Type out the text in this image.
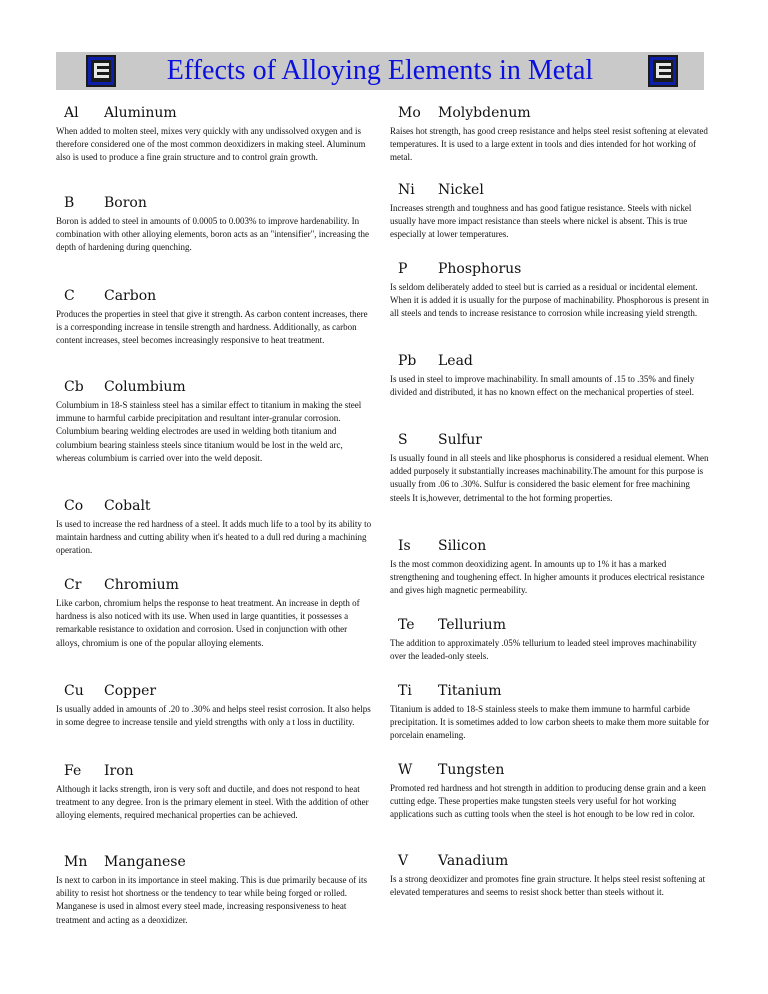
Effects of Alloying Elements in Metal
Al Aluminum
When added to molten steel, mixes very quickly with any undissolved oxygen and is therefore considered one of the most common deoxidizers in making steel. Aluminum also is used to produce a fine grain structure and to control grain growth.
B Boron
Boron is added to steel in amounts of 0.0005 to 0.003% to improve hardenability. In combination with other alloying elements, boron acts as an "intensifier", increasing the depth of hardening during quenching.
C Carbon
Produces the properties in steel that give it strength. As carbon content increases, there is a corresponding increase in tensile strength and hardness. Additionally, as carbon content increases, steel becomes increasingly responsive to heat treatment.
Cb Columbium
Columbium in 18-S stainless steel has a similar effect to titanium in making the steel immune to harmful carbide precipitation and resultant inter-granular corrosion. Columbium bearing welding electrodes are used in welding both titanium and columbium bearing stainless steels since titanium would be lost in the weld arc, whereas columbium is carried over into the weld deposit.
Co Cobalt
Is used to increase the red hardness of a steel. It adds much life to a tool by its ability to maintain hardness and cutting ability when it's heated to a dull red during a machining operation.
Cr Chromium
Like carbon, chromium helps the response to heat treatment. An increase in depth of hardness is also noticed with its use. When used in large quantities, it possesses a remarkable resistance to oxidation and corrosion. Used in conjunction with other alloys, chromium is one of the popular alloying elements.
Cu Copper
Is usually added in amounts of .20 to .30% and helps steel resist corrosion. It also helps in some degree to increase tensile and yield strengths with only a t loss in ductility.
Fe Iron
Although it lacks strength, iron is very soft and ductile, and does not respond to heat treatment to any degree. Iron is the primary element in steel. With the addition of other alloying elements, required mechanical properties can be achieved.
Mn Manganese
Is next to carbon in its importance in steel making. This is due primarily because of its ability to resist hot shortness or the tendency to tear while being forged or rolled. Manganese is used in almost every steel made, increasing responsiveness to heat treatment and acting as a deoxidizer.
Mo Molybdenum
Raises hot strength, has good creep resistance and helps steel resist softening at elevated temperatures. It is used to a large extent in tools and dies intended for hot working of metal.
Ni Nickel
Increases strength and toughness and has good fatigue resistance. Steels with nickel usually have more impact resistance than steels where nickel is absent. This is true especially at lower temperatures.
P Phosphorus
Is seldom deliberately added to steel but is carried as a residual or incidental element. When it is added it is usually for the purpose of machinability. Phosphorous is present in all steels and tends to increase resistance to corrosion while increasing yield strength.
Pb Lead
Is used in steel to improve machinability. In small amounts of .15 to .35% and finely divided and distributed, it has no known effect on the mechanical properties of steel.
S Sulfur
Is usually found in all steels and like phosphorus is considered a residual element. When added purposely it substantially increases machinability.The amount for this purpose is usually from .06 to .30%. Sulfur is considered the basic element for free machining steels It is,however, detrimental to the hot forming properties.
Is Silicon
Is the most common deoxidizing agent. In amounts up to 1% it has a marked strengthening and toughening effect. In higher amounts it produces electrical resistance and gives high magnetic permeability.
Te Tellurium
The addition to approximately .05% tellurium to leaded steel improves machinability over the leaded-only steels.
Ti Titanium
Titanium is added to 18-S stainless steels to make them immune to harmful carbide precipitation. It is sometimes added to low carbon sheets to make them more suitable for porcelain enameling.
W Tungsten
Promoted red hardness and hot strength in addition to producing dense grain and a keen cutting edge. These properties make tungsten steels very useful for hot working applications such as cutting tools when the steel is hot enough to be low red in color.
V Vanadium
Is a strong deoxidizer and promotes fine grain structure. It helps steel resist softening at elevated temperatures and seems to resist shock better than steels without it.
